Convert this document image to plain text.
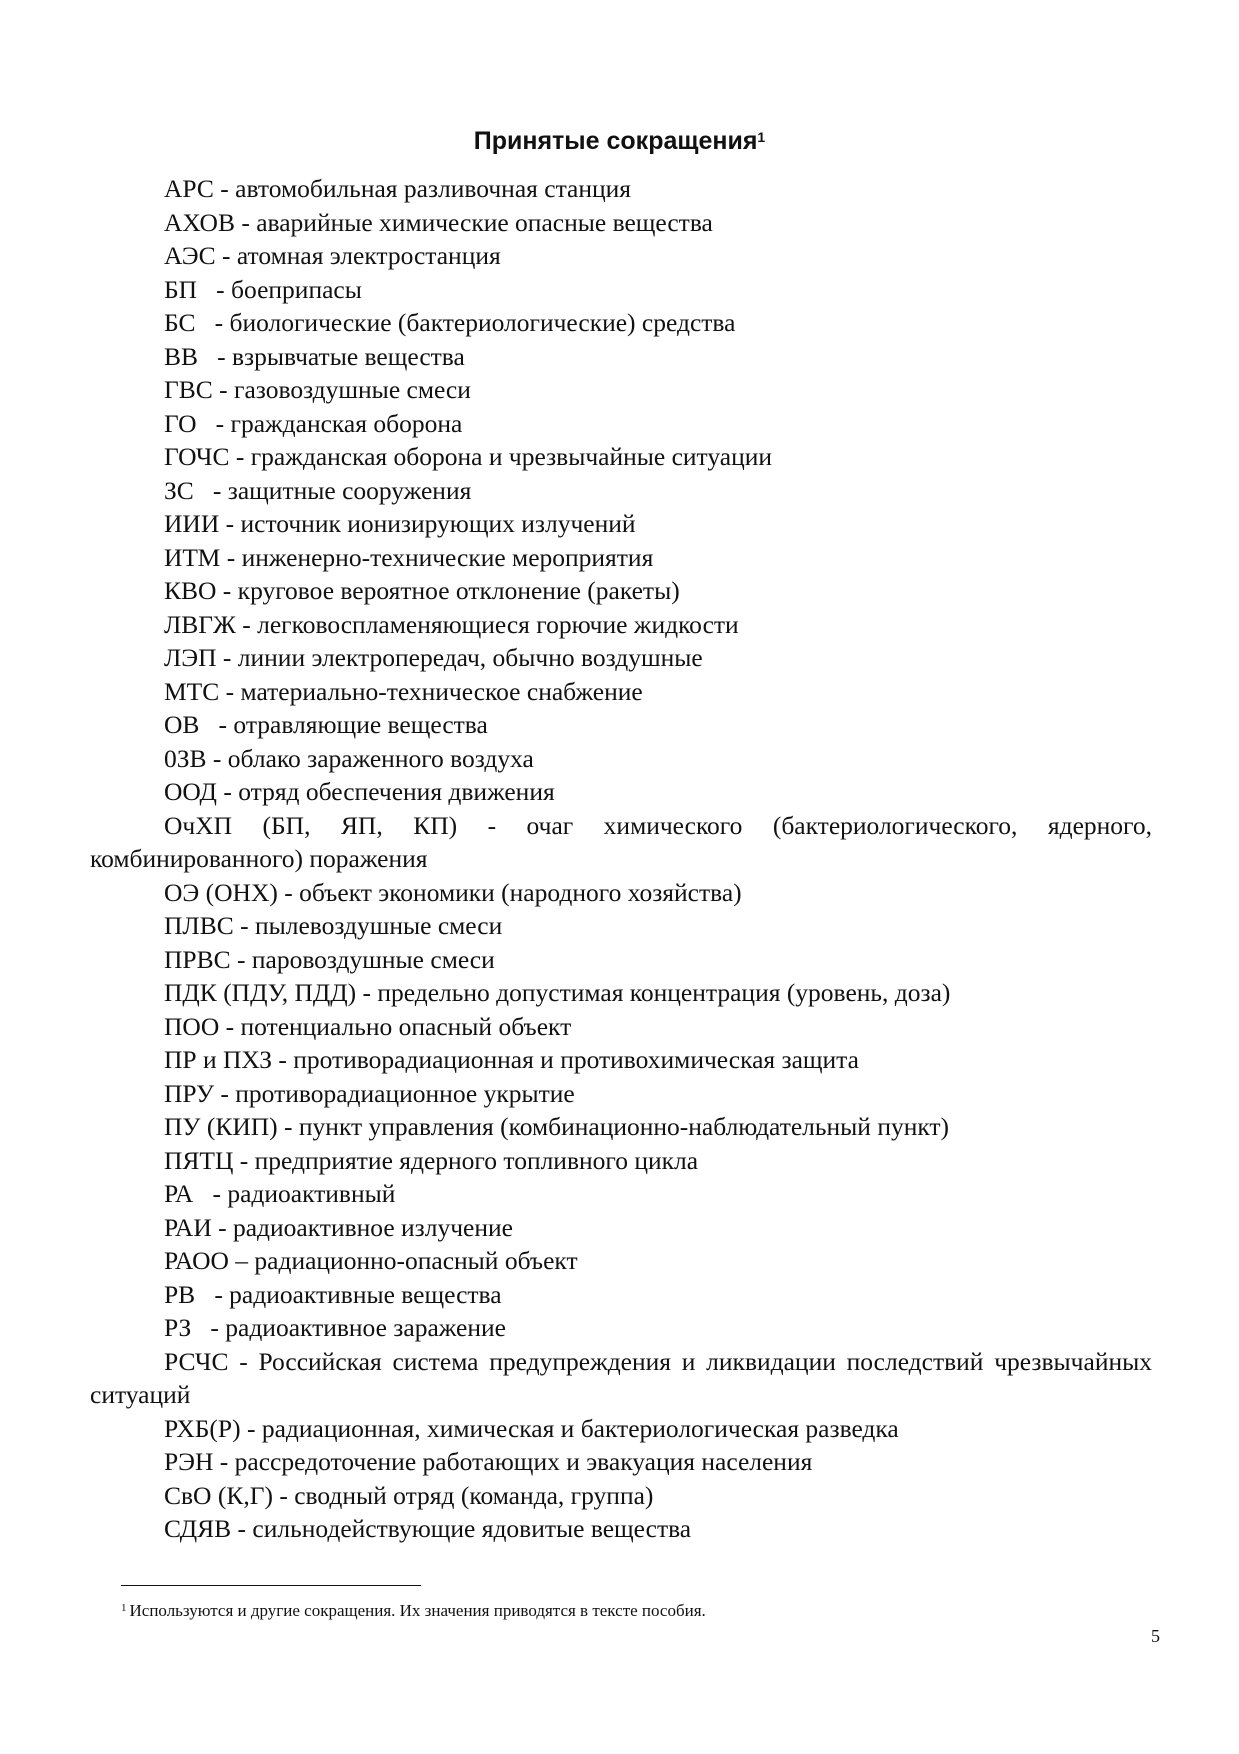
Принятые сокращения$^1$

АРС - автомобильная разливочная станция

АХОВ - аварийные химические опасные вещества

АЭС - атомная электростанция

БП   - боеприпасы

БС   - биологические (бактериологические) средства

ВВ   - взрывчатые вещества

ГВС - газовоздушные смеси

ГО   - гражданская оборона

ГОЧС - гражданская оборона и чрезвычайные ситуации

ЗС   - защитные сооружения

ИИИ - источник ионизирующих излучений

ИТМ - инженерно-технические мероприятия

КВО - круговое вероятное отклонение (ракеты)

ЛВГЖ - легковоспламеняющиеся горючие жидкости

ЛЭП - линии электропередач, обычно воздушные

МТС - материально-техническое снабжение

ОВ   - отравляющие вещества

0ЗВ - облако зараженного воздуха

ООД - отряд обеспечения движения

ОчХП (БП, ЯП, КП) - очаг химического (бактериологического, ядерного, комбинированного) поражения

ОЭ (ОНХ) - объект экономики (народного хозяйства)

ПЛВС - пылевоздушные смеси

ПРВС - паровоздушные смеси

ПДК (ПДУ, ПДД) - предельно допустимая концентрация (уровень, доза)

ПОО - потенциально опасный объект

ПР и ПХЗ - противорадиационная и противохимическая защита

ПРУ - противорадиационное укрытие

ПУ (КИП) - пункт управления (комбинационно-наблюдательный пункт)

ПЯТЦ - предприятие ядерного топливного цикла

РА   - радиоактивный

РАИ - радиоактивное излучение

РАОО – радиационно-опасный объект

РВ   - радиоактивные вещества

РЗ   - радиоактивное заражение

РСЧС - Российская система предупреждения и ликвидации последствий чрезвычайных ситуаций

РХБ(Р) - радиационная, химическая и бактериологическая разведка

РЭН - рассредоточение работающих и эвакуация населения

СвО (К,Г) - сводный отряд (команда, группа)

СДЯВ - сильнодействующие ядовитые вещества

$^1$ Используются и другие сокращения. Их значения приводятся в тексте пособия.
5
